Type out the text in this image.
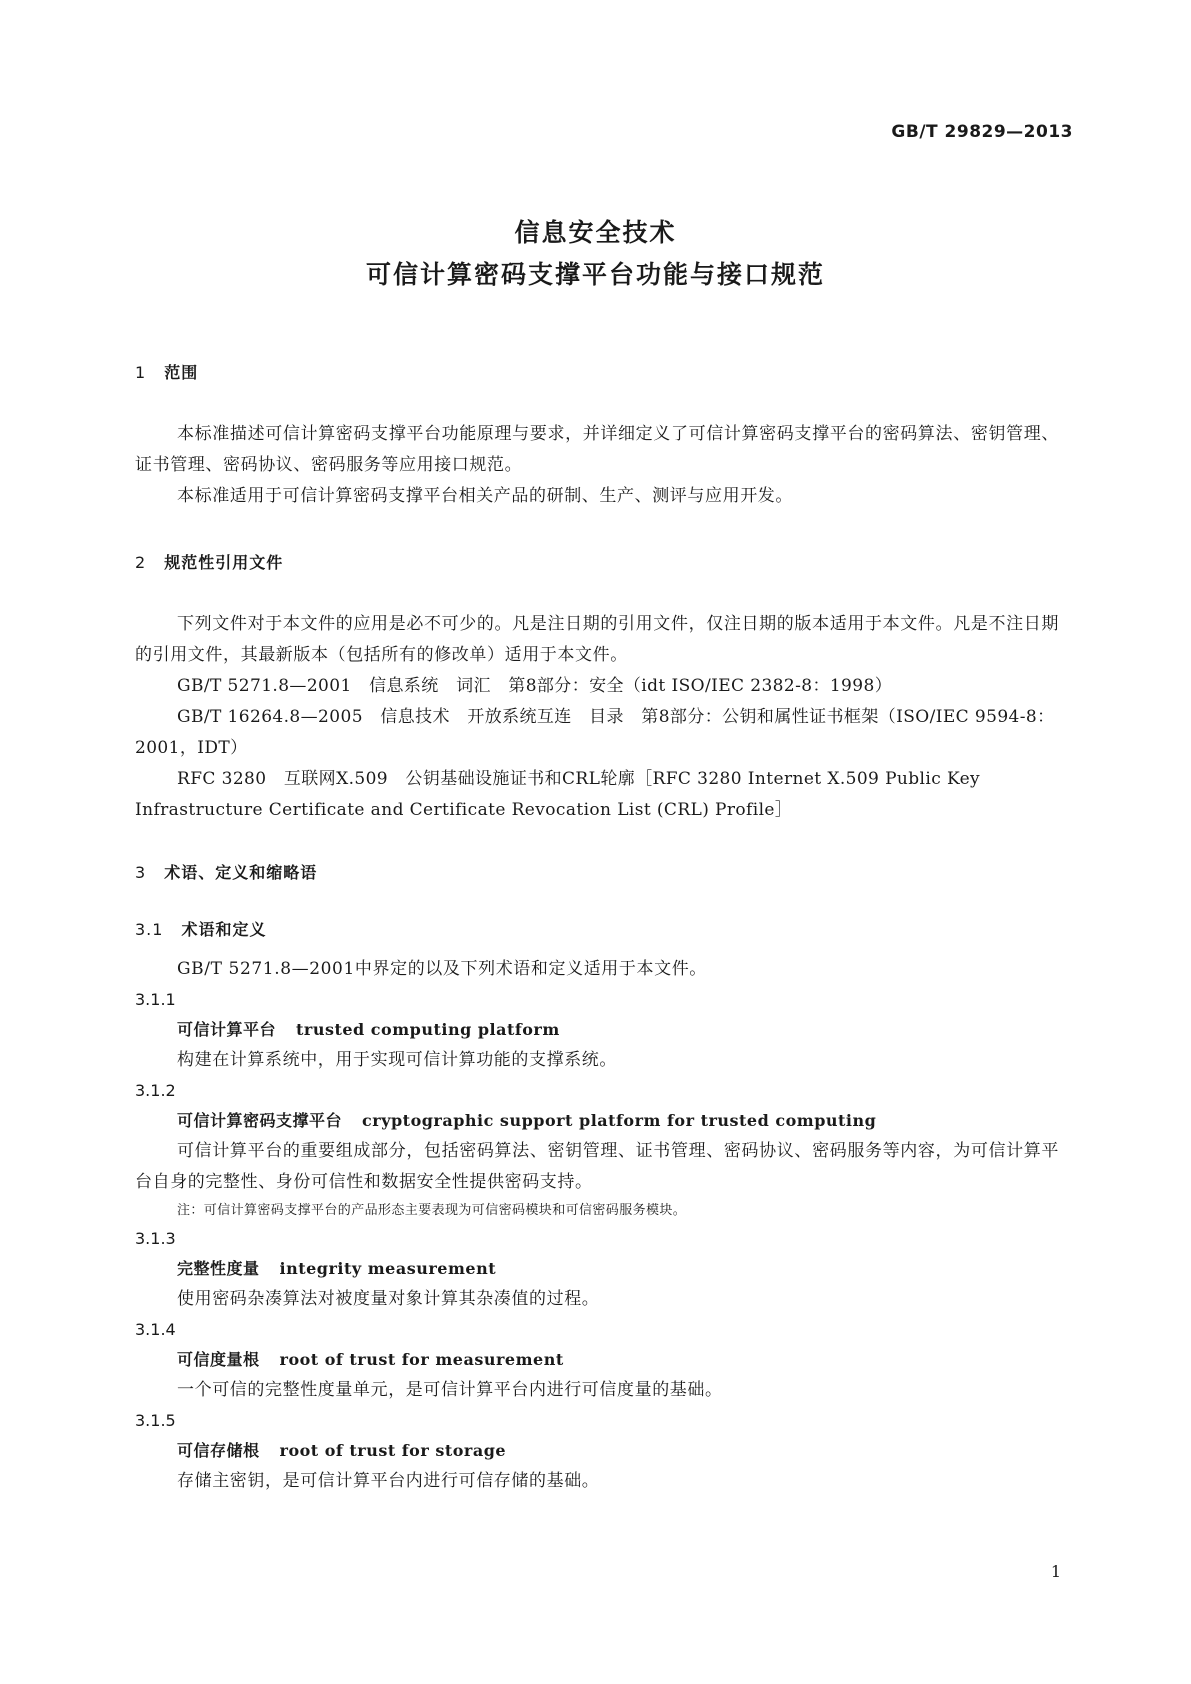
GB/T 29829—2013
信息安全技术
可信计算密码支撑平台功能与接口规范
1 范围
本标准描述可信计算密码支撑平台功能原理与要求，并详细定义了可信计算密码支撑平台的密码算法、密钥管理、证书管理、密码协议、密码服务等应用接口规范。
本标准适用于可信计算密码支撑平台相关产品的研制、生产、测评与应用开发。
2 规范性引用文件
下列文件对于本文件的应用是必不可少的。凡是注日期的引用文件，仅注日期的版本适用于本文件。凡是不注日期的引用文件，其最新版本（包括所有的修改单）适用于本文件。
GB/T 5271.8—2001　信息系统　词汇　第8部分：安全（idt ISO/IEC 2382-8：1998）
GB/T 16264.8—2005　信息技术　开放系统互连　目录　第8部分：公钥和属性证书框架（ISO/IEC 9594-8：2001，IDT）
RFC 3280　互联网X.509　公钥基础设施证书和CRL轮廓［RFC 3280 Internet X.509 Public Key Infrastructure Certificate and Certificate Revocation List (CRL) Profile］
3 术语、定义和缩略语
3.1 术语和定义
GB/T 5271.8—2001中界定的以及下列术语和定义适用于本文件。
3.1.1
可信计算平台 trusted computing platform
构建在计算系统中，用于实现可信计算功能的支撑系统。
3.1.2
可信计算密码支撑平台 cryptographic support platform for trusted computing
可信计算平台的重要组成部分，包括密码算法、密钥管理、证书管理、密码协议、密码服务等内容，为可信计算平台自身的完整性、身份可信性和数据安全性提供密码支持。
注：可信计算密码支撑平台的产品形态主要表现为可信密码模块和可信密码服务模块。
3.1.3
完整性度量 integrity measurement
使用密码杂凑算法对被度量对象计算其杂凑值的过程。
3.1.4
可信度量根 root of trust for measurement
一个可信的完整性度量单元，是可信计算平台内进行可信度量的基础。
3.1.5
可信存储根 root of trust for storage
存储主密钥，是可信计算平台内进行可信存储的基础。
1
